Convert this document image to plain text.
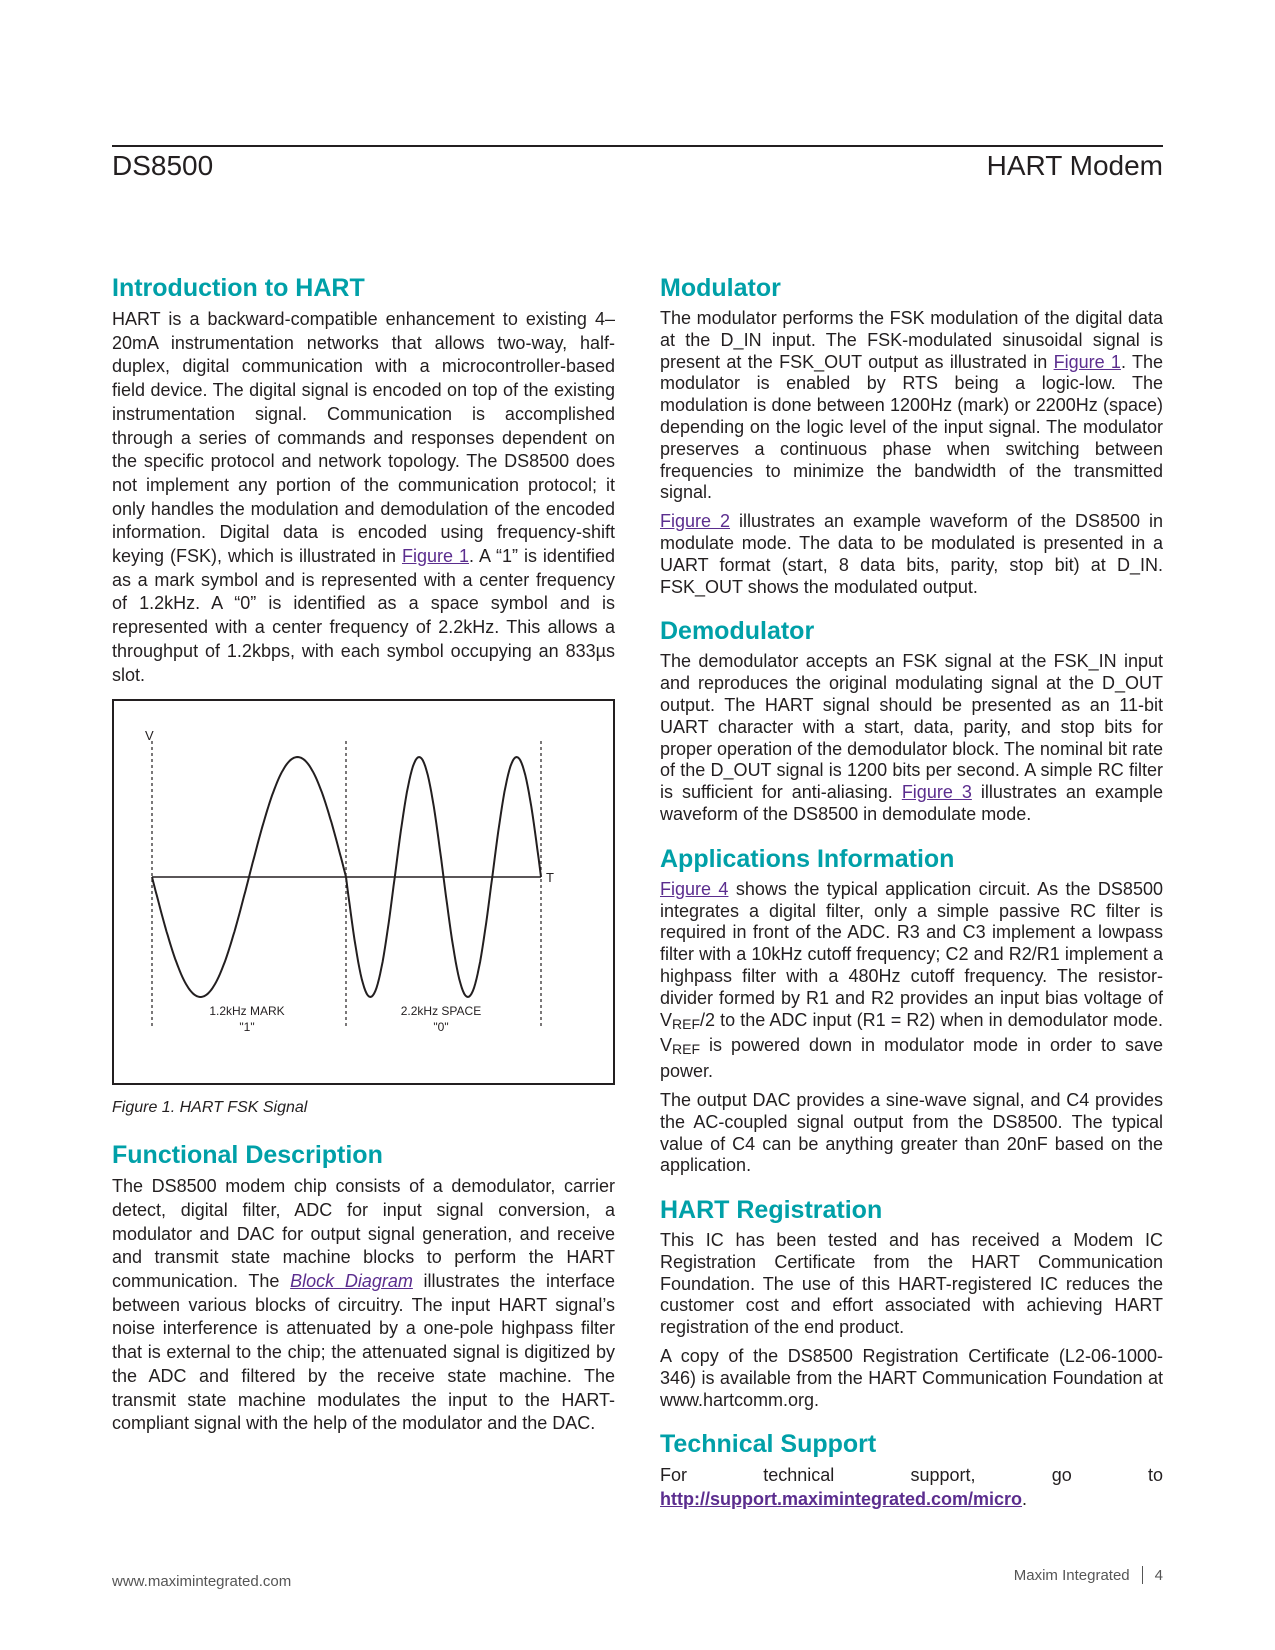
DS8500	HART Modem
Introduction to HART

HART is a backward-compatible enhancement to existing 4–20mA instrumentation networks that allows two-way, half-duplex, digital communication with a microcontroller-based field device. The digital signal is encoded on top of the existing instrumentation signal. Communication is accomplished through a series of commands and responses dependent on the specific protocol and network topology. The DS8500 does not implement any portion of the communication protocol; it only handles the modulation and demodulation of the encoded information. Digital data is encoded using frequency-shift keying (FSK), which is illustrated in Figure 1. A “1” is identified as a mark symbol and is represented with a center frequency of 1.2kHz. A “0” is identified as a space symbol and is represented with a center frequency of 2.2kHz. This allows a throughput of 1.2kbps, with each symbol occupying an 833µs slot.

V
T
1.2kHz MARK
"1"
2.2kHz SPACE
"0"
Figure 1. HART FSK Signal
Functional Description

The DS8500 modem chip consists of a demodulator, carrier detect, digital filter, ADC for input signal conversion, a modulator and DAC for output signal generation, and receive and transmit state machine blocks to perform the HART communication. The Block Diagram illustrates the interface between various blocks of circuitry. The input HART signal’s noise interference is attenuated by a one-pole highpass filter that is external to the chip; the attenuated signal is digitized by the ADC and filtered by the receive state machine. The transmit state machine modulates the input to the HART-compliant signal with the help of the modulator and the DAC.

Modulator

The modulator performs the FSK modulation of the digital data at the D_IN input. The FSK-modulated sinusoidal signal is present at the FSK_OUT output as illustrated in Figure 1. The modulator is enabled by RTS being a logic-low. The modulation is done between 1200Hz (mark) or 2200Hz (space) depending on the logic level of the input signal. The modulator preserves a continuous phase when switching between frequencies to minimize the bandwidth of the transmitted signal.

Figure 2 illustrates an example waveform of the DS8500 in modulate mode. The data to be modulated is presented in a UART format (start, 8 data bits, parity, stop bit) at D_IN. FSK_OUT shows the modulated output.

Demodulator

The demodulator accepts an FSK signal at the FSK_IN input and reproduces the original modulating signal at the D_OUT output. The HART signal should be presented as an 11-bit UART character with a start, data, parity, and stop bits for proper operation of the demodulator block. The nominal bit rate of the D_OUT signal is 1200 bits per second. A simple RC filter is sufficient for anti-aliasing. Figure 3 illustrates an example waveform of the DS8500 in demodulate mode.

Applications Information

Figure 4 shows the typical application circuit. As the DS8500 integrates a digital filter, only a simple passive RC filter is required in front of the ADC. R3 and C3 implement a lowpass filter with a 10kHz cutoff frequency; C2 and R2/R1 implement a highpass filter with a 480Hz cutoff frequency. The resistor-divider formed by R1 and R2 provides an input bias voltage of $V_{REF}/2$ to the ADC input (R1 = R2) when in demodulator mode. $V_{REF}$ is powered down in modulator mode in order to save power.

The output DAC provides a sine-wave signal, and C4 provides the AC-coupled signal output from the DS8500. The typical value of C4 can be anything greater than 20nF based on the application.

HART Registration

This IC has been tested and has received a Modem IC Registration Certificate from the HART Communication Foundation. The use of this HART-registered IC reduces the customer cost and effort associated with achieving HART registration of the end product.

A copy of the DS8500 Registration Certificate (L2-06-1000-346) is available from the HART Communication Foundation at www.hartcomm.org.

Technical Support

For technical support, go to http://support.maximintegrated.com/micro.

www.maximintegrated.com	Maxim Integrated 4
